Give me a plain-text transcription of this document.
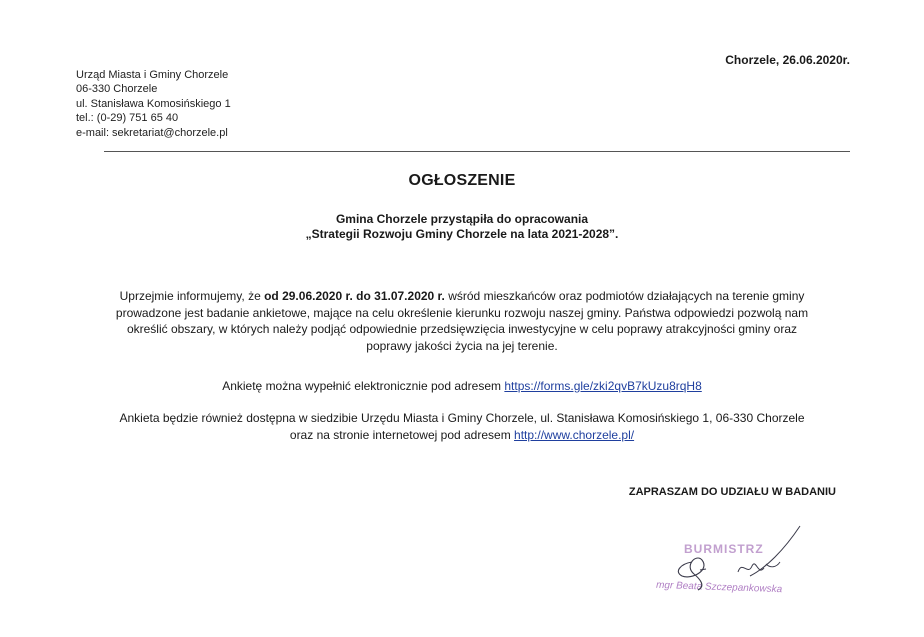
Chorzele, 26.06.2020r.
Urząd Miasta i Gminy Chorzele
06-330 Chorzele
ul. Stanisława Komosińskiego 1
tel.: (0-29) 751 65 40
e-mail: sekretariat@chorzele.pl
OGŁOSZENIE
Gmina Chorzele przystąpiła do opracowania
„Strategii Rozwoju Gminy Chorzele na lata 2021-2028”.
Uprzejmie informujemy, że od 29.06.2020 r. do 31.07.2020 r. wśród mieszkańców oraz podmiotów działających na terenie gminy
prowadzone jest badanie ankietowe, mające na celu określenie kierunku rozwoju naszej gminy. Państwa odpowiedzi pozwolą nam
określić obszary, w których należy podjąć odpowiednie przedsięwzięcia inwestycyjne w celu poprawy atrakcyjności gminy oraz
poprawy jakości życia na jej terenie.
Ankietę można wypełnić elektronicznie pod adresem https://forms.gle/zki2qvB7kUzu8rqH8
Ankieta będzie również dostępna w siedzibie Urzędu Miasta i Gminy Chorzele, ul. Stanisława Komosińskiego 1, 06-330 Chorzele
oraz na stronie internetowej pod adresem http://www.chorzele.pl/
ZAPRASZAM DO UDZIAŁU W BADANIU
BURMISTRZ
mgr Beata Szczepankowska
